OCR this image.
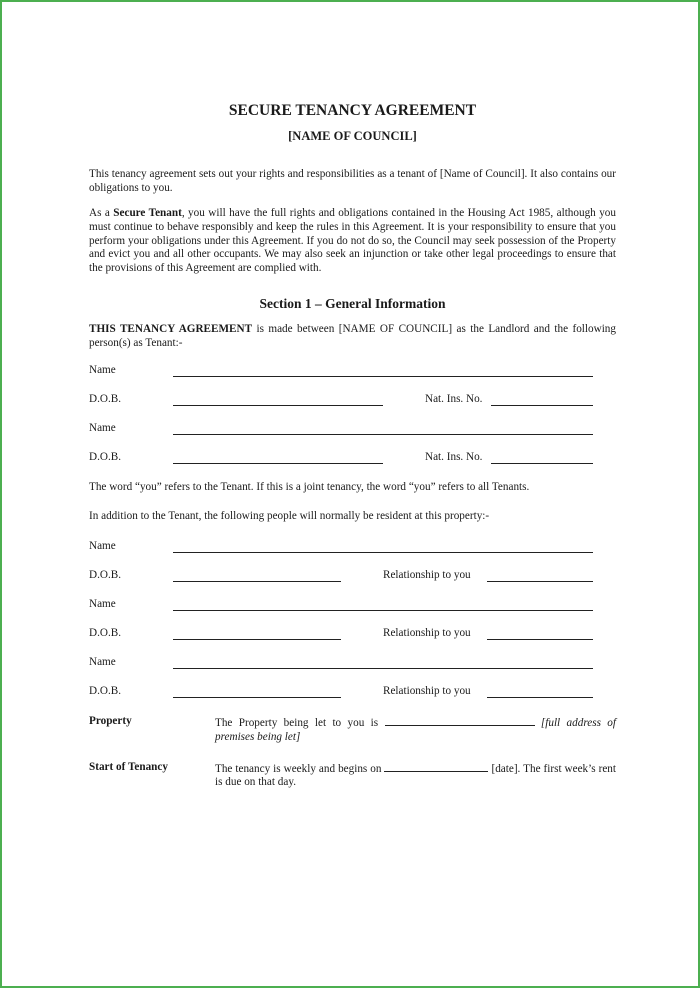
SECURE TENANCY AGREEMENT
[NAME OF COUNCIL]

This tenancy agreement sets out your rights and responsibilities as a tenant of [Name of Council]. It also contains our obligations to you.

As a Secure Tenant, you will have the full rights and obligations contained in the Housing Act 1985, although you must continue to behave responsibly and keep the rules in this Agreement. It is your responsibility to ensure that you perform your obligations under this Agreement. If you do not do so, the Council may seek possession of the Property and evict you and all other occupants. We may also seek an injunction or take other legal proceedings to ensure that the provisions of this Agreement are complied with.

Section 1 – General Information

THIS TENANCY AGREEMENT is made between [NAME OF COUNCIL] as the Landlord and the following person(s) as Tenant:-

Name
D.O.B.	Nat. Ins. No.
Name
D.O.B.	Nat. Ins. No.

The word “you” refers to the Tenant. If this is a joint tenancy, the word “you” refers to all Tenants.

In addition to the Tenant, the following people will normally be resident at this property:-

Name
D.O.B.	Relationship to you
Name
D.O.B.	Relationship to you
Name
D.O.B.	Relationship to you
Property	The Property being let to you is	[full address of premises being let]
Start of Tenancy	The tenancy is weekly and begins on	[date]. The first week’s rent is due on that day.
